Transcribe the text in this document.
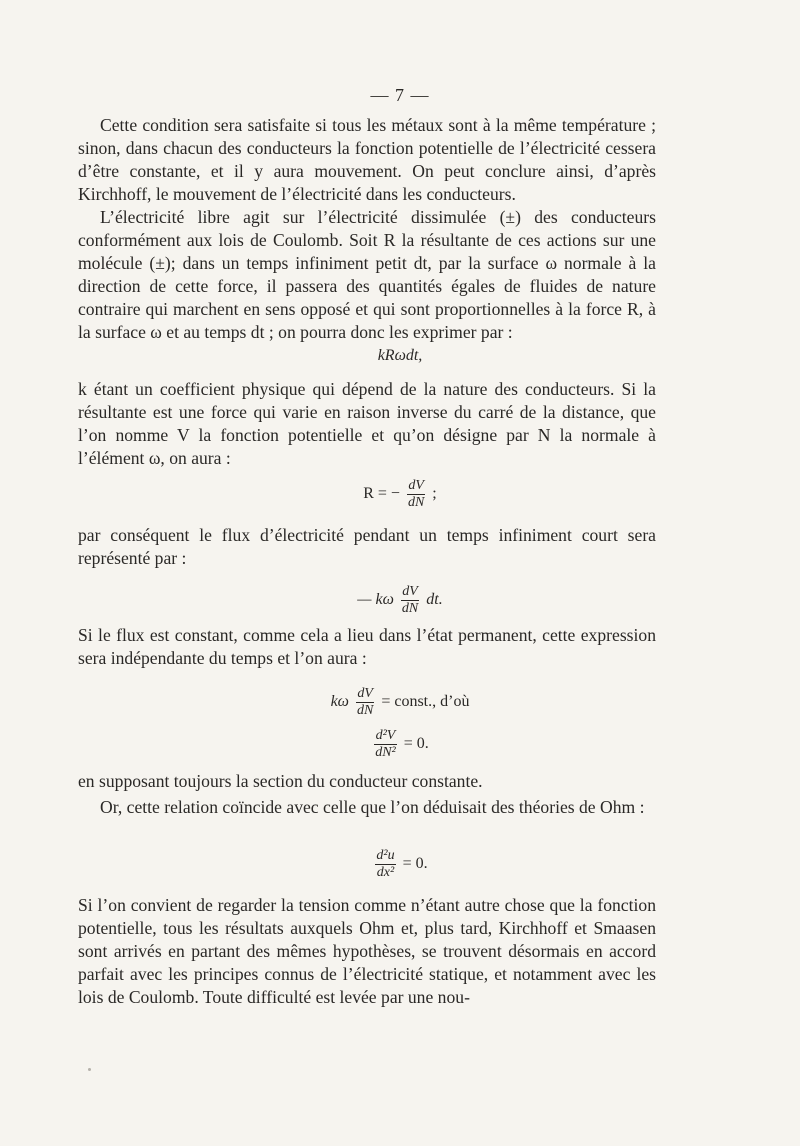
— 7 —

Cette condition sera satisfaite si tous les métaux sont à la même température ; sinon, dans chacun des conducteurs la fonction potentielle de l’électricité cessera d’être constante, et il y aura mouvement. On peut conclure ainsi, d’après Kirchhoff, le mouvement de l’électricité dans les conducteurs.

L’électricité libre agit sur l’électricité dissimulée (±) des conducteurs conformément aux lois de Coulomb. Soit R la résultante de ces actions sur une molécule (±); dans un temps infiniment petit dt, par la surface ω normale à la direction de cette force, il passera des quantités égales de fluides de nature contraire qui marchent en sens opposé et qui sont proportionnelles à la force R, à la surface ω et au temps dt ; on pourra donc les exprimer par :

kRωdt,

k étant un coefficient physique qui dépend de la nature des conducteurs. Si la résultante est une force qui varie en raison inverse du carré de la distance, que l’on nomme V la fonction potentielle et qu’on désigne par N la normale à l’élément ω, on aura :

R = − $\frac{dV}{dN}$ ;

par conséquent le flux d’électricité pendant un temps infiniment court sera représenté par :

— kω $\frac{dV}{dN}$ dt.

Si le flux est constant, comme cela a lieu dans l’état permanent, cette expression sera indépendante du temps et l’on aura :

kω $\frac{dV}{dN}$ = const., d’où
$\frac{\text{d²V}}{\text{dN²}} = 0$.

en supposant toujours la section du conducteur constante.

Or, cette relation coïncide avec celle que l’on déduisait des théories de Ohm :

$\frac{\text{d²u}}{\text{dx²}} = 0$.

Si l’on convient de regarder la tension comme n’étant autre chose que la fonction potentielle, tous les résultats auxquels Ohm et, plus tard, Kirchhoff et Smaasen sont arrivés en partant des mêmes hypothèses, se trouvent désormais en accord parfait avec les principes connus de l’électricité statique, et notamment avec les lois de Coulomb. Toute difficulté est levée par une nou-
